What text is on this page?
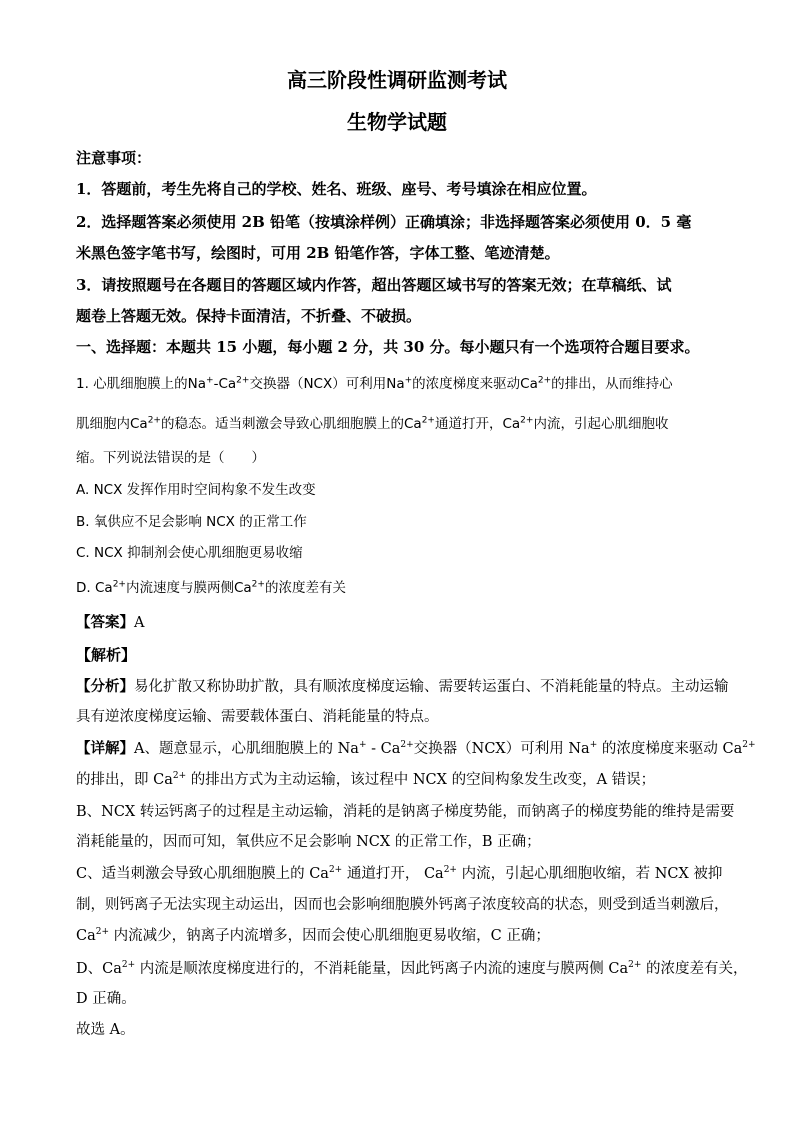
高三阶段性调研监测考试
生物学试题
注意事项：
1．答题前，考生先将自己的学校、姓名、班级、座号、考号填涂在相应位置。
2．选择题答案必须使用 2B 铅笔（按填涂样例）正确填涂；非选择题答案必须使用 0．5 毫
米黑色签字笔书写，绘图时，可用 2B 铅笔作答，字体工整、笔迹清楚。
3．请按照题号在各题目的答题区域内作答，超出答题区域书写的答案无效；在草稿纸、试
题卷上答题无效。保持卡面清洁，不折叠、不破损。
一、选择题：本题共 15 小题，每小题 2 分，共 30 分。每小题只有一个选项符合题目要求。
1. 心肌细胞膜上的$Na^+-Ca^{2+}$交换器（NCX）可利用Na+的浓度梯度来驱动$Ca^{2+}$的排出，从而维持心
肌细胞内$Ca^{2+}$的稳态。适当刺激会导致心肌细胞膜上的$Ca^{2+}$通道打开，$Ca^{2+}$内流，引起心肌细胞收
缩。下列说法错误的是（　　）
A. NCX 发挥作用时空间构象不发生改变
B. 氧供应不足会影响 NCX 的正常工作
C. NCX 抑制剂会使心肌细胞更易收缩
D. $Ca^{2+}$内流速度与膜两侧$Ca^{2+}$的浓度差有关
【答案】A
【解析】
【分析】易化扩散又称协助扩散，具有顺浓度梯度运输、需要转运蛋白、不消耗能量的特点。主动运输
具有逆浓度梯度运输、需要载体蛋白、消耗能量的特点。
【详解】A、题意显示，心肌细胞膜上的 $Na^+ - Ca^{2+}$交换器（NCX）可利用 Na+ 的浓度梯度来驱动 $Ca^{2+}$
的排出，即 $Ca^{2+}$ 的排出方式为主动运输，该过程中 NCX 的空间构象发生改变，A 错误；
B、NCX 转运钙离子的过程是主动运输，消耗的是钠离子梯度势能，而钠离子的梯度势能的维持是需要
消耗能量的，因而可知，氧供应不足会影响 NCX 的正常工作，B 正确；
C、适当刺激会导致心肌细胞膜上的 $Ca^{2+}$ 通道打开， $Ca^{2+}$ 内流，引起心肌细胞收缩，若 NCX 被抑
制，则钙离子无法实现主动运出，因而也会影响细胞膜外钙离子浓度较高的状态，则受到适当刺激后，
$Ca^{2+}$ 内流减少，钠离子内流增多，因而会使心肌细胞更易收缩，C 正确；
D、$Ca^{2+}$ 内流是顺浓度梯度进行的，不消耗能量，因此钙离子内流的速度与膜两侧 $Ca^{2+}$ 的浓度差有关，
D 正确。
故选 A。
